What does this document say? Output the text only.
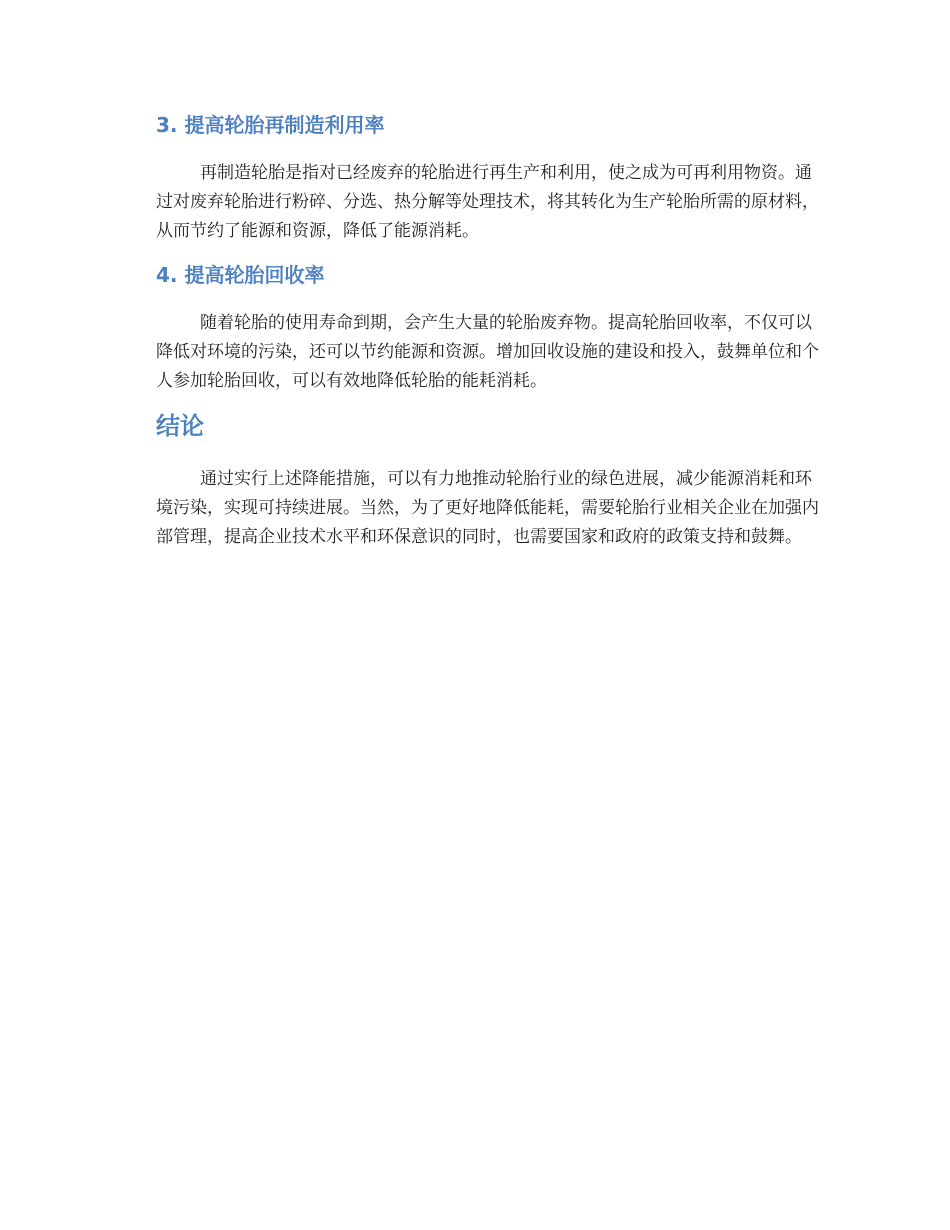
3. 提高轮胎再制造利用率
再制造轮胎是指对已经废弃的轮胎进行再生产和利用，使之成为可再利用物资。通
过对废弃轮胎进行粉碎、分选、热分解等处理技术，将其转化为生产轮胎所需的原材料，
从而节约了能源和资源，降低了能源消耗。
4. 提高轮胎回收率
随着轮胎的使用寿命到期，会产生大量的轮胎废弃物。提高轮胎回收率，不仅可以
降低对环境的污染，还可以节约能源和资源。增加回收设施的建设和投入，鼓舞单位和个
人参加轮胎回收，可以有效地降低轮胎的能耗消耗。
结论
通过实行上述降能措施，可以有力地推动轮胎行业的绿色进展，减少能源消耗和环
境污染，实现可持续进展。当然，为了更好地降低能耗，需要轮胎行业相关企业在加强内
部管理，提高企业技术水平和环保意识的同时，也需要国家和政府的政策支持和鼓舞。
